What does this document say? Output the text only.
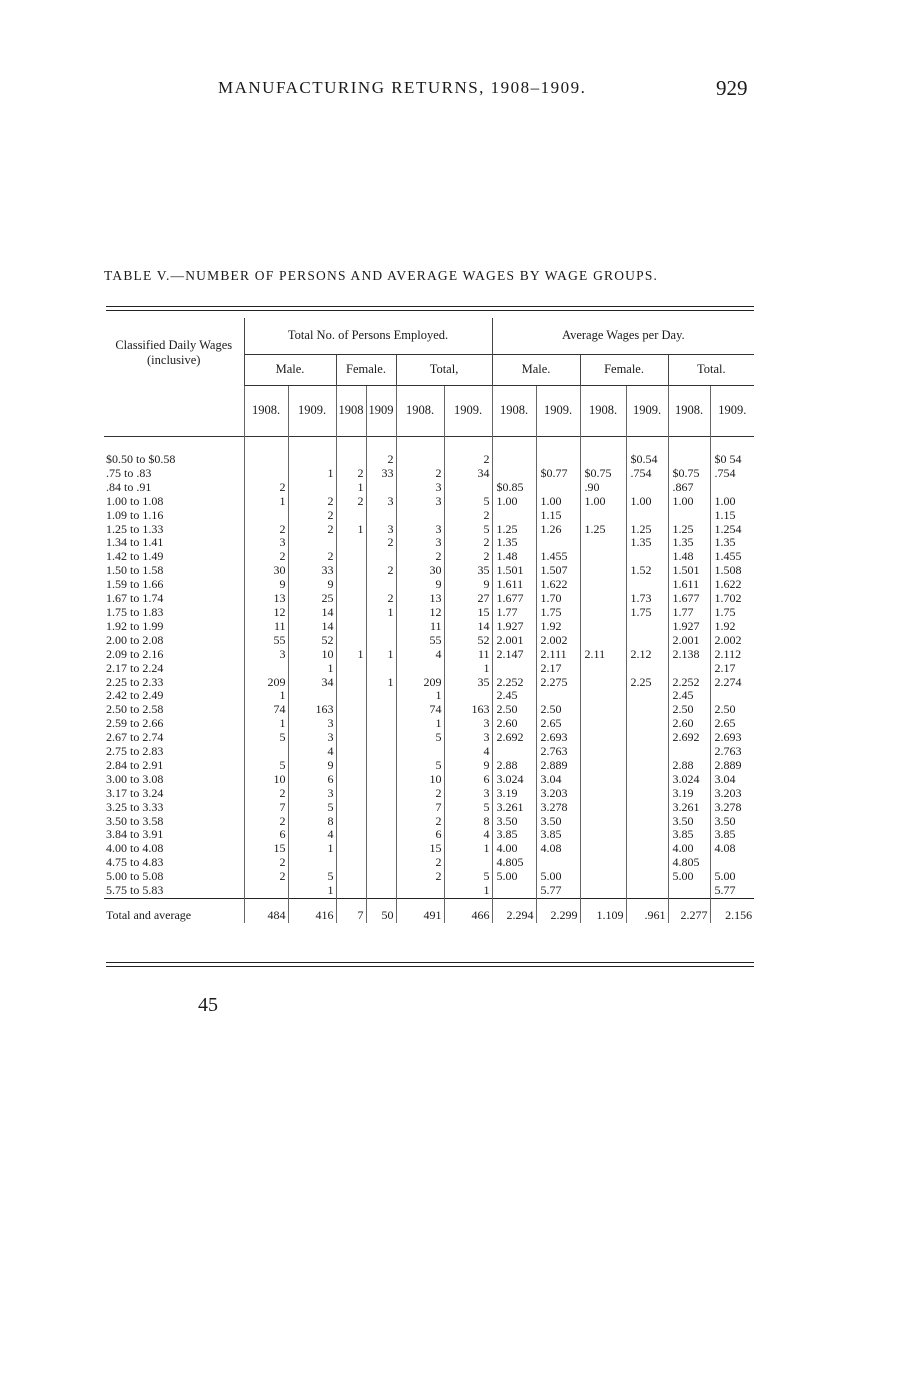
MANUFACTURING RETURNS, 1908–1909.	929
TABLE V.—NUMBER OF PERSONS AND AVERAGE WAGES BY WAGE GROUPS.
Classified Daily Wages (inclusive)	Total No. of Persons Employed.						Average Wages per Day.					
	Male.		Female.		Total,		Male.		Female.		Total.	
	1908.	1909.	1908	1909	1908.	1909.	1908.	1909.	1908.	1909.	1908.	1909.

$0.50 to $0.58				2		2				$0.54		$0 54
.75 to .83		1	2	33	2	34		$0.77	$0.75	.754	$0.75	.754
.84 to .91	2		1		3		$0.85		.90		.867	
1.00 to 1.08	1	2	2	3	3	5	1.00	1.00	1.00	1.00	1.00	1.00
1.09 to 1.16		2				2		1.15				1.15
1.25 to 1.33	2	2	1	3	3	5	1.25	1.26	1.25	1.25	1.25	1.254
1.34 to 1.41	3			2	3	2	1.35			1.35	1.35	1.35
1.42 to 1.49	2	2			2	2	1.48	1.455			1.48	1.455
1.50 to 1.58	30	33		2	30	35	1.501	1.507		1.52	1.501	1.508
1.59 to 1.66	9	9			9	9	1.611	1.622			1.611	1.622
1.67 to 1.74	13	25		2	13	27	1.677	1.70		1.73	1.677	1.702
1.75 to 1.83	12	14		1	12	15	1.77	1.75		1.75	1.77	1.75
1.92 to 1.99	11	14			11	14	1.927	1.92			1.927	1.92
2.00 to 2.08	55	52			55	52	2.001	2.002			2.001	2.002
2.09 to 2.16	3	10	1	1	4	11	2.147	2.111	2.11	2.12	2.138	2.112
2.17 to 2.24		1				1		2.17				2.17
2.25 to 2.33	209	34		1	209	35	2.252	2.275		2.25	2.252	2.274
2.42 to 2.49	1				1		2.45				2.45	
2.50 to 2.58	74	163			74	163	2.50	2.50			2.50	2.50
2.59 to 2.66	1	3			1	3	2.60	2.65			2.60	2.65
2.67 to 2.74	5	3			5	3	2.692	2.693			2.692	2.693
2.75 to 2.83		4				4		2.763				2.763
2.84 to 2.91	5	9			5	9	2.88	2.889			2.88	2.889
3.00 to 3.08	10	6			10	6	3.024	3.04			3.024	3.04
3.17 to 3.24	2	3			2	3	3.19	3.203			3.19	3.203
3.25 to 3.33	7	5			7	5	3.261	3.278			3.261	3.278
3.50 to 3.58	2	8			2	8	3.50	3.50			3.50	3.50
3.84 to 3.91	6	4			6	4	3.85	3.85			3.85	3.85
4.00 to 4.08	15	1			15	1	4.00	4.08			4.00	4.08
4.75 to 4.83	2				2		4.805				4.805	
5.00 to 5.08	2	5			2	5	5.00	5.00			5.00	5.00
5.75 to 5.83		1				1		5.77				5.77
Total and average	484	416	7	50	491	466	2.294	2.299	1.109	.961	2.277	2.156
45
